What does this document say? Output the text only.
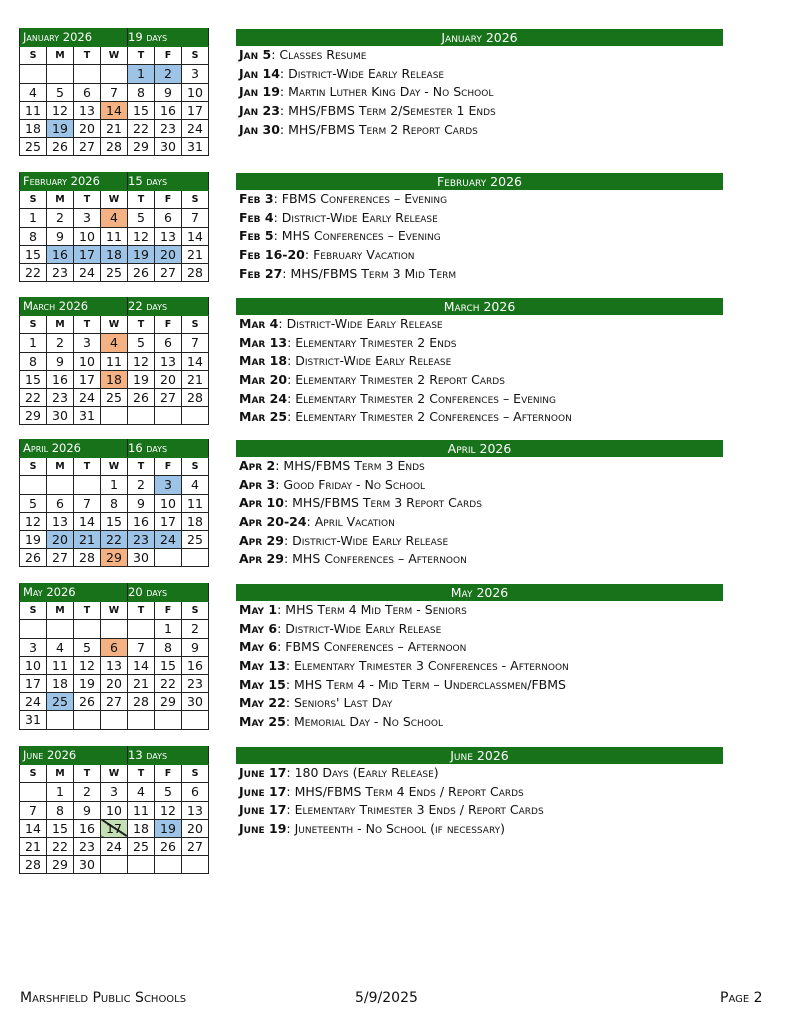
January 2026				19 days		
S	M	T	W	T	F	S
				1	2	3
4	5	6	7	8	9	10
11	12	13	14	15	16	17
18	19	20	21	22	23	24
25	26	27	28	29	30	31
February 2026				15 days		
S	M	T	W	T	F	S
1	2	3	4	5	6	7
8	9	10	11	12	13	14
15	16	17	18	19	20	21
22	23	24	25	26	27	28
March 2026				22 days		
S	M	T	W	T	F	S
1	2	3	4	5	6	7
8	9	10	11	12	13	14
15	16	17	18	19	20	21
22	23	24	25	26	27	28
29	30	31				
April 2026				16 days		
S	M	T	W	T	F	S
			1	2	3	4
5	6	7	8	9	10	11
12	13	14	15	16	17	18
19	20	21	22	23	24	25
26	27	28	29	30		
May 2026				20 days		
S	M	T	W	T	F	S
					1	2
3	4	5	6	7	8	9
10	11	12	13	14	15	16
17	18	19	20	21	22	23
24	25	26	27	28	29	30
31						
June 2026				13 days		
S	M	T	W	T	F	S
	1	2	3	4	5	6
7	8	9	10	11	12	13
14	15	16	17	18	19	20
21	22	23	24	25	26	27
28	29	30				
January 2026
Jan 5: Classes Resume
Jan 14: District-Wide Early Release
Jan 19: Martin Luther King Day - No School
Jan 23: MHS/FBMS Term 2/Semester 1 Ends
Jan 30: MHS/FBMS Term 2 Report Cards
February 2026
Feb 3: FBMS Conferences – Evening
Feb 4: District-Wide Early Release
Feb 5: MHS Conferences – Evening
Feb 16-20: February Vacation
Feb 27: MHS/FBMS Term 3 Mid Term
March 2026
Mar 4: District-Wide Early Release
Mar 13: Elementary Trimester 2 Ends
Mar 18: District-Wide Early Release
Mar 20: Elementary Trimester 2 Report Cards
Mar 24: Elementary Trimester 2 Conferences – Evening
Mar 25: Elementary Trimester 2 Conferences – Afternoon
April 2026
Apr 2: MHS/FBMS Term 3 Ends
Apr 3: Good Friday - No School
Apr 10: MHS/FBMS Term 3 Report Cards
Apr 20-24: April Vacation
Apr 29: District-Wide Early Release
Apr 29: MHS Conferences – Afternoon
May 2026
May 1: MHS Term 4 Mid Term - Seniors
May 6: District-Wide Early Release
May 6: FBMS Conferences – Afternoon
May 13: Elementary Trimester 3 Conferences - Afternoon
May 15: MHS Term 4 - Mid Term – Underclassmen/FBMS
May 22: Seniors' Last Day
May 25: Memorial Day - No School
June 2026
June 17: 180 Days (Early Release)
June 17: MHS/FBMS Term 4 Ends / Report Cards
June 17: Elementary Trimester 3 Ends / Report Cards
June 19: Juneteenth - No School (if necessary)
Marshfield Public Schools	5/9/2025	Page 2
